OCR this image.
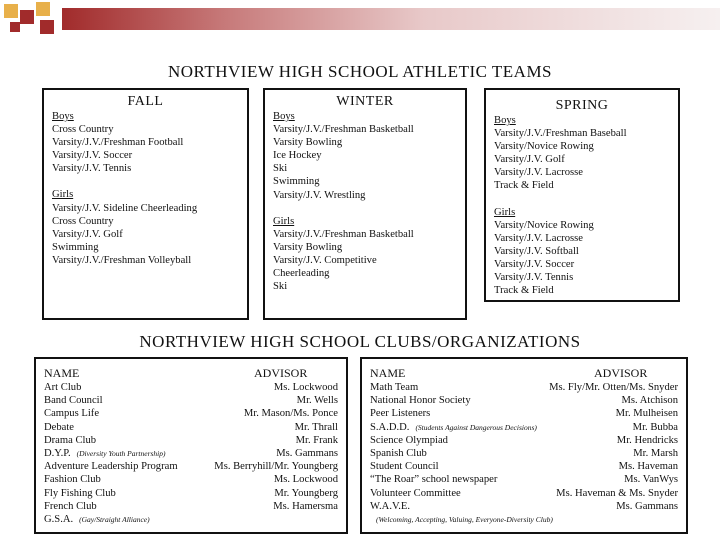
NORTHVIEW HIGH SCHOOL ATHLETIC TEAMS
FALL
Boys
Cross Country
Varsity/J.V./Freshman Football
Varsity/J.V. Soccer
Varsity/J.V. Tennis
Girls
Varsity/J.V. Sideline Cheerleading
Cross Country
Varsity/J.V. Golf
Swimming
Varsity/J.V./Freshman Volleyball
WINTER
Boys
Varsity/J.V./Freshman Basketball
Varsity Bowling
Ice Hockey
Ski
Swimming
Varsity/J.V. Wrestling
Girls
Varsity/J.V./Freshman Basketball
Varsity Bowling
Varsity/J.V. Competitive
Cheerleading
Ski
SPRING
Boys
Varsity/J.V./Freshman Baseball
Varsity/Novice Rowing
Varsity/J.V. Golf
Varsity/J.V. Lacrosse
Track & Field
Girls
Varsity/Novice Rowing
Varsity/J.V. Lacrosse
Varsity/J.V. Softball
Varsity/J.V. Soccer
Varsity/J.V. Tennis
Track & Field
NORTHVIEW HIGH SCHOOL CLUBS/ORGANIZATIONS
NAME	ADVISOR
Art Club	Ms. Lockwood
Band Council	Mr. Wells
Campus Life	Mr. Mason/Ms. Ponce
Debate	Mr. Thrall
Drama Club	Mr. Frank
D.Y.P. (Diversity Youth Partnership)	Ms. Gammans
Adventure Leadership Program	Ms. Berryhill/Mr. Youngberg
Fashion Club	Ms. Lockwood
Fly Fishing Club	Mr. Youngberg
French Club	Ms. Hamersma
G.S.A. (Gay/Straight Alliance)
NAME	ADVISOR
Math Team	Ms. Fly/Mr. Otten/Ms. Snyder
National Honor Society	Ms. Atchison
Peer Listeners	Mr. Mulheisen
S.A.D.D. (Students Against Dangerous Decisions)	Mr. Bubba
Science Olympiad	Mr. Hendricks
Spanish Club	Mr. Marsh
Student Council	Ms. Haveman
“The Roar” school newspaper	Ms. VanWys
Volunteer Committee	Ms. Haveman & Ms. Snyder
W.A.V.E.	Ms. Gammans
(Welcoming, Accepting, Valuing, Everyone-Diversity Club)
